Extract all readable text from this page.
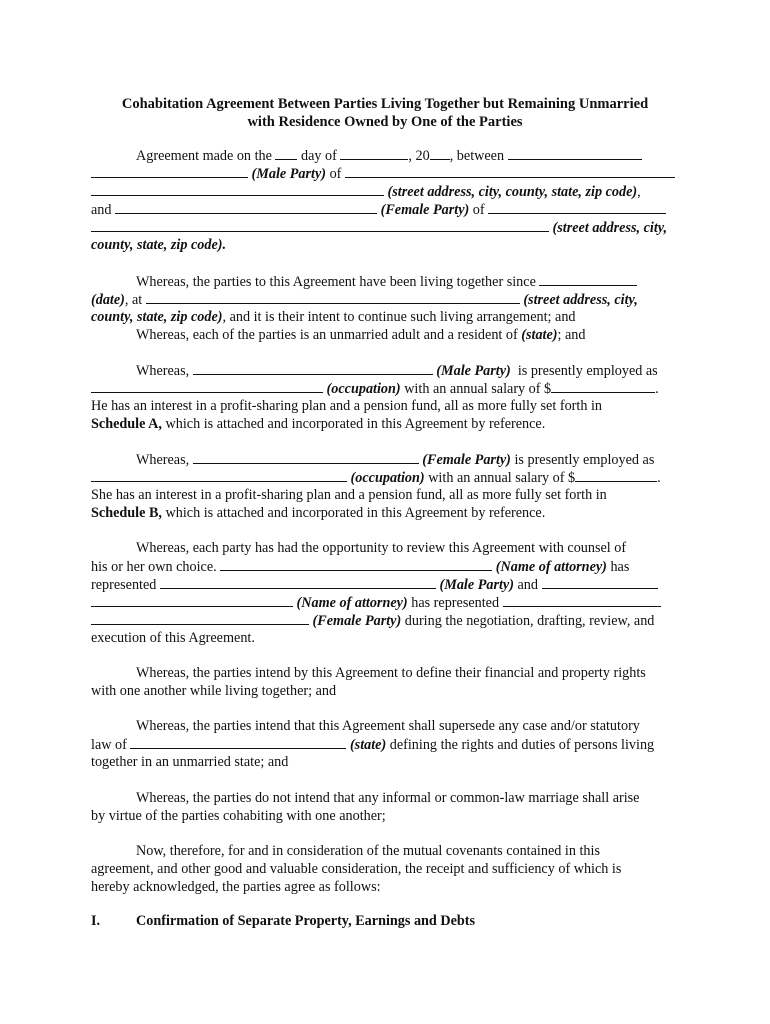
Cohabitation Agreement Between Parties Living Together but Remaining Unmarried
with Residence Owned by One of the Parties
Agreement made on the day of	, 20 , between
(Male Party) of
(street address, city, county, state, zip code),
and	(Female Party) of
(street address, city,
county, state, zip code).
Whereas, the parties to this Agreement have been living together since
(date), at	(street address, city,
county, state, zip code), and it is their intent to continue such living arrangement; and
Whereas, each of the parties is an unmarried adult and a resident of (state); and
Whereas,	(Male Party) is presently employed as
(occupation) with an annual salary of $	.
He has an interest in a profit-sharing plan and a pension fund, all as more fully set forth in
Schedule A, which is attached and incorporated in this Agreement by reference.
Whereas,	(Female Party) is presently employed as
(occupation) with an annual salary of $	.
She has an interest in a profit-sharing plan and a pension fund, all as more fully set forth in
Schedule B, which is attached and incorporated in this Agreement by reference.
Whereas, each party has had the opportunity to review this Agreement with counsel of
his or her own choice.	(Name of attorney) has
represented	(Male Party) and
(Name of attorney) has represented
(Female Party) during the negotiation, drafting, review, and
execution of this Agreement.
Whereas, the parties intend by this Agreement to define their financial and property rights
with one another while living together; and
Whereas, the parties intend that this Agreement shall supersede any case and/or statutory
law of	(state) defining the rights and duties of persons living
together in an unmarried state; and
Whereas, the parties do not intend that any informal or common-law marriage shall arise
by virtue of the parties cohabiting with one another;
Now, therefore, for and in consideration of the mutual covenants contained in this
agreement, and other good and valuable consideration, the receipt and sufficiency of which is
hereby acknowledged, the parties agree as follows:
I.	Confirmation of Separate Property, Earnings and Debts
